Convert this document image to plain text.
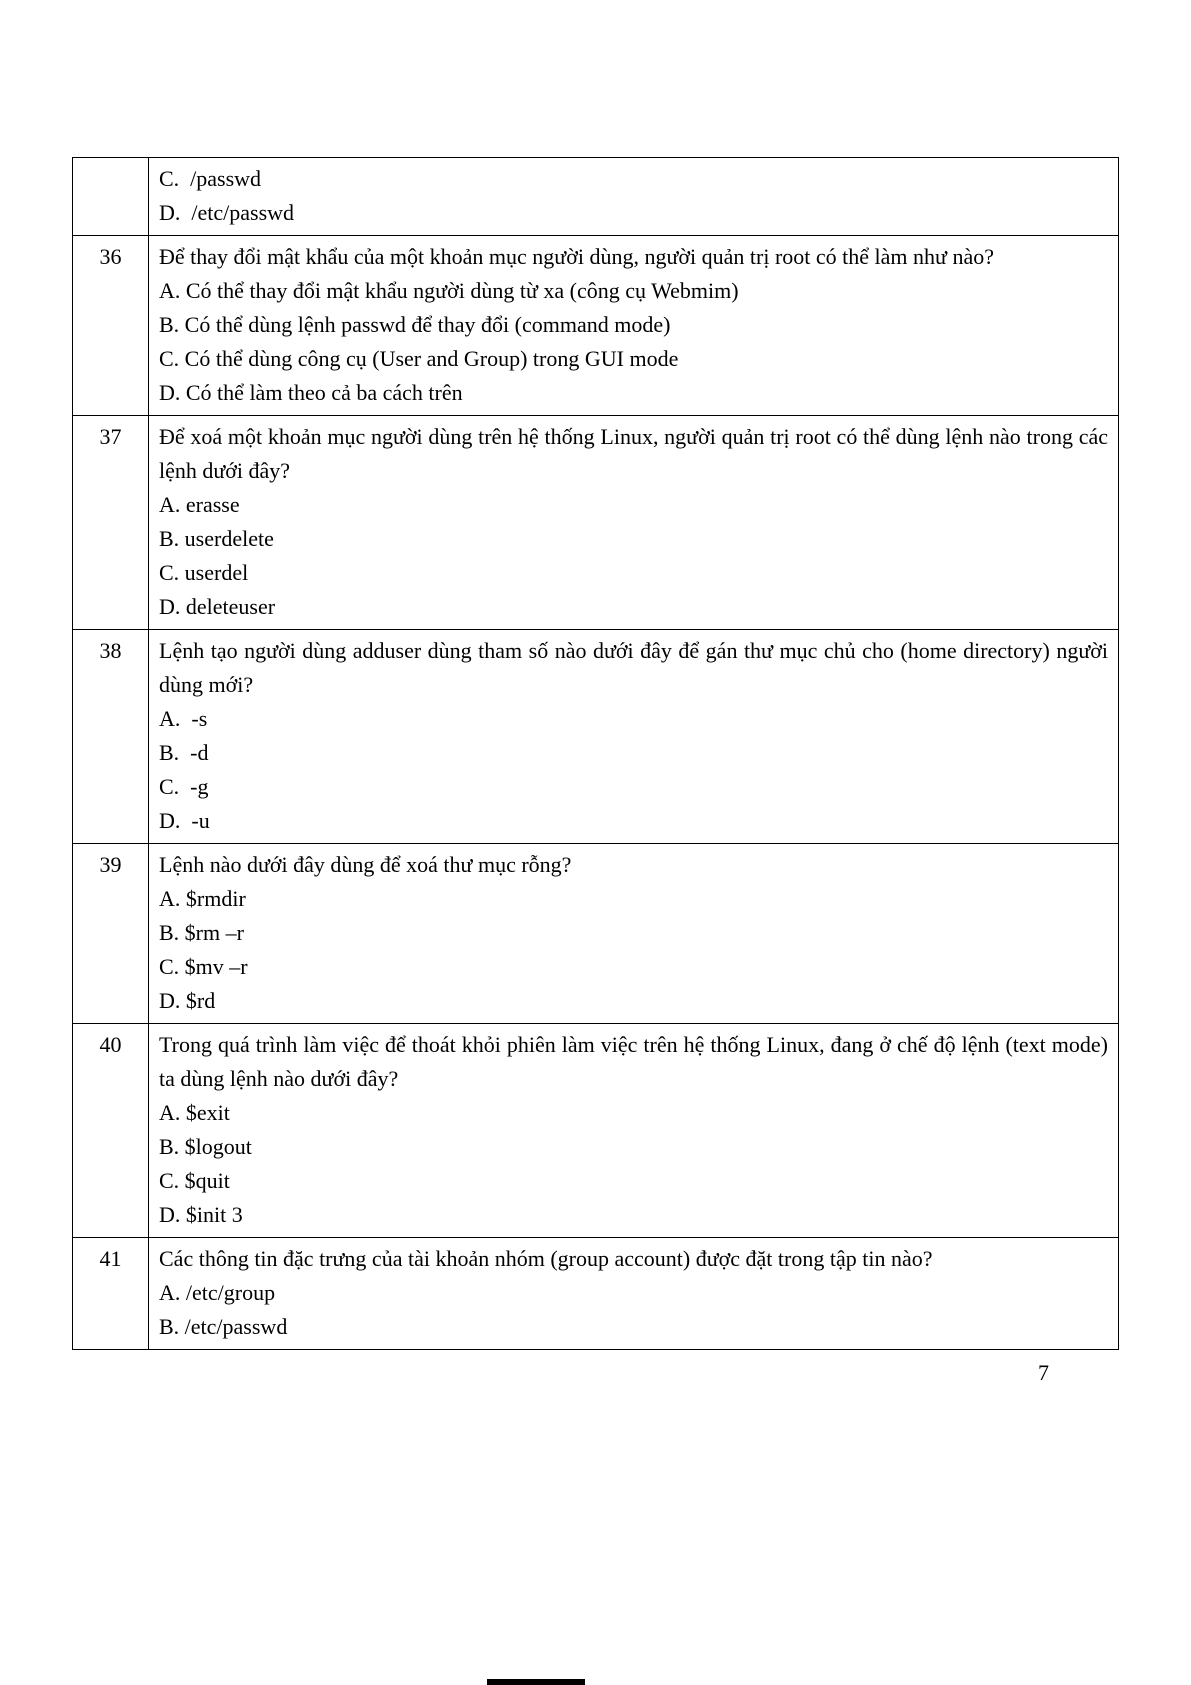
	C.  /passwd

D.  /etc/passwd

36	Để thay đổi mật khẩu của một khoản mục người dùng, người quản trị root có thể làm như nào?

A. Có thể thay đổi mật khẩu người dùng từ xa (công cụ Webmim)

B. Có thể dùng lệnh passwd để thay đổi (command mode)

C. Có thể dùng công cụ (User and Group) trong GUI mode

D. Có thể làm theo cả ba cách trên

37	Để xoá một khoản mục người dùng trên hệ thống Linux, người quản trị root có thể dùng lệnh nào trong các lệnh dưới đây?

A. erasse

B. userdelete

C. userdel

D. deleteuser

38	Lệnh tạo người dùng adduser dùng tham số nào dưới đây để gán thư mục chủ cho (home directory) người dùng mới?

A.  -s

B.  -d

C.  -g

D.  -u

39	Lệnh nào dưới đây dùng để xoá thư mục rỗng?

A. $rmdir

B. $rm –r

C. $mv –r

D. $rd

40	Trong quá trình làm việc để thoát khỏi phiên làm việc trên hệ thống Linux, đang ở chế độ lệnh (text mode) ta dùng lệnh nào dưới đây?

A. $exit

B. $logout

C. $quit

D. $init 3

41	Các thông tin đặc trưng của tài khoản nhóm (group account) được đặt trong tập tin nào?

A. /etc/group

B. /etc/passwd

7
